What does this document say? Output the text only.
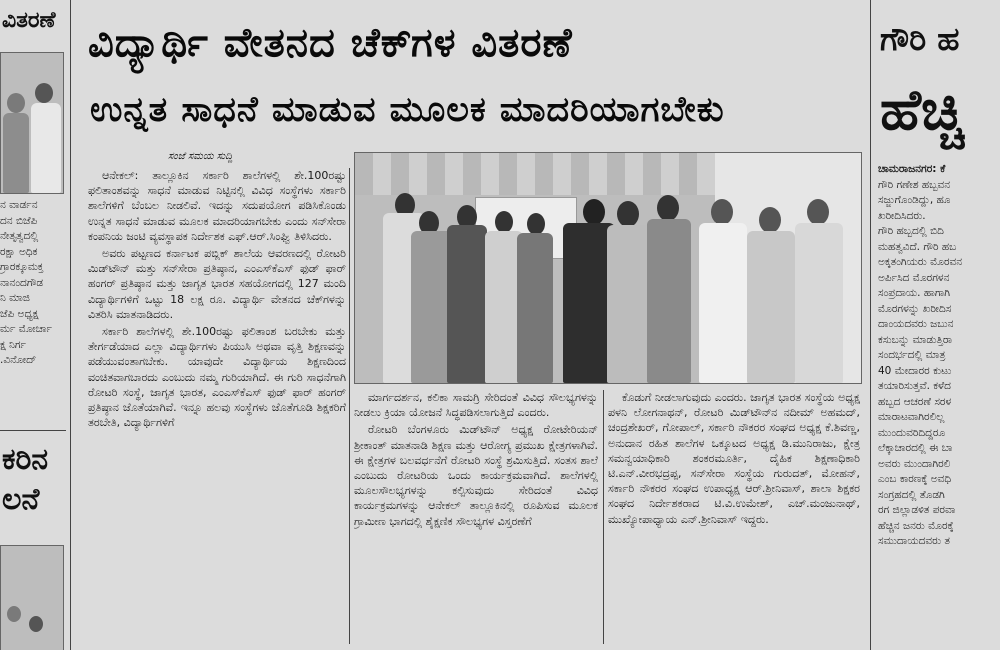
ವಿತರಣೆ
ನ ವಾರ್ಡನ
ದನ ಬಿಜೆಪಿ
ನೇತೃತ್ವದಲ್ಲಿ
ರಕ್ಷಾ ಅಧಿಕ
ಗ್ರಾರಕ್ಕೂಮಕ್ತ
ನಾನಂದಗೌಡ
ನಿ ಮಾಜಿ
ಜೆಪಿ ಅಧ್ಯಕ್ಷ
ರ್ಮ ಮೋರ್ಚಾ
ಕ್ಷ ನಿರ್ಗ
.ವಿನೋದ್
ಕರಿನ
ಲನೆ
ವಿದ್ಯಾರ್ಥಿ ವೇತನದ ಚೆಕ್‍ಗಳ ವಿತರಣೆ
ಉನ್ನತ ಸಾಧನೆ ಮಾಡುವ ಮೂಲಕ ಮಾದರಿಯಾಗಬೇಕು
ಸಂಜೆ ಸಮಯ ಸುದ್ದಿ

ಆನೇಕಲ್: ತಾಲ್ಲೂಕಿನ ಸರ್ಕಾರಿ ಶಾಲೆಗಳಲ್ಲಿ ಶೇ.100ರಷ್ಟು ಫಲಿತಾಂಶವನ್ನು ಸಾಧನೆ ಮಾಡುವ ನಿಟ್ಟಿನಲ್ಲಿ ವಿವಿಧ ಸಂಸ್ಥೆಗಳು ಸರ್ಕಾರಿ ಶಾಲೆಗಳಿಗೆ ಬೆಂಬಲ ನೀಡಲಿವೆ. ಇದನ್ನು ಸದುಪಯೋಗ ಪಡಿಸಿಕೊಂಡು ಉನ್ನತ ಸಾಧನೆ ಮಾಡುವ ಮೂಲಕ ಮಾದರಿಯಾಗಬೇಕು ಎಂದು ಸನ್‍ಸೇರಾ ಕಂಪನಿಯ ಜಂಟಿ ವ್ಯವಸ್ಥಾಪಕ ನಿರ್ದೇಶಕ ಎಫ್.ಆರ್.ಸಿಂಘ್ವಿ ತಿಳಿಸಿದರು.

ಅವರು ಪಟ್ಟಣದ ಕರ್ನಾಟಕ ಪಬ್ಲಿಕ್ ಶಾಲೆಯ ಆವರಣದಲ್ಲಿ ರೋಟರಿ ಮಿಡ್‍ಟೌನ್ ಮತ್ತು ಸನ್‍ಸೇರಾ ಪ್ರತಿಷ್ಠಾನ, ಎಂಎಸ್‍ಕೆಎಸ್ ಫುಡ್ ಫಾರ್ ಹಂಗರ್ ಪ್ರತಿಷ್ಠಾನ ಮತ್ತು ಜಾಗೃತ ಭಾರತ ಸಹಯೋಗದಲ್ಲಿ 127 ಮಂದಿ ವಿದ್ಯಾರ್ಥಿಗಳಿಗೆ ಒಟ್ಟು 18 ಲಕ್ಷ ರೂ. ವಿದ್ಯಾರ್ಥಿ ವೇತನದ ಚೆಕ್‍ಗಳನ್ನು ವಿತರಿಸಿ ಮಾತನಾಡಿದರು.

ಸರ್ಕಾರಿ ಶಾಲೆಗಳಲ್ಲಿ ಶೇ.100ರಷ್ಟು ಫಲಿತಾಂಶ ಬರಬೇಕು ಮತ್ತು ತೇರ್ಗಡೆಯಾದ ಎಲ್ಲಾ ವಿದ್ಯಾರ್ಥಿಗಳು ಪಿಯುಸಿ ಅಥವಾ ವೃತ್ತಿ ಶಿಕ್ಷಣವನ್ನು ಪಡೆಯುವಂತಾಗಬೇಕು. ಯಾವುದೇ ವಿದ್ಯಾರ್ಥಿಯ ಶಿಕ್ಷಣದಿಂದ ವಂಚಿತವಾಗಬಾರದು ಎಂಬುದು ನಮ್ಮ ಗುರಿಯಾಗಿದೆ. ಈ ಗುರಿ ಸಾಧನೆಗಾಗಿ ರೋಟರಿ ಸಂಸ್ಥೆ, ಜಾಗೃತ ಭಾರತ, ಎಂಎಸ್‍ಕೆಎಸ್ ಫುಡ್ ಫಾರ್ ಹಂಗರ್ ಪ್ರತಿಷ್ಠಾನ ಜೊತೆಯಾಗಿವೆ. ಇನ್ನೂ ಹಲವು ಸಂಸ್ಥೆಗಳು ಜೊತೆಗೂಡಿ ಶಿಕ್ಷಕರಿಗೆ ತರಬೇತಿ, ವಿದ್ಯಾರ್ಥಿಗಳಿಗೆ

ಮಾರ್ಗದರ್ಶನ, ಕಲಿಕಾ ಸಾಮಗ್ರಿ ಸೇರಿದಂತೆ ವಿವಿಧ ಸೌಲಭ್ಯಗಳನ್ನು ನೀಡಲು ಕ್ರಿಯಾ ಯೋಜನೆ ಸಿದ್ಧಪಡಿಸಲಾಗುತ್ತಿದೆ ಎಂದರು.

ರೋಟರಿ ಬೆಂಗಳೂರು ಮಿಡ್‍ಟೌನ್ ಅಧ್ಯಕ್ಷ ರೋಟೇರಿಯನ್ ಶ್ರೀಕಾಂತ್ ಮಾತನಾಡಿ ಶಿಕ್ಷಣ ಮತ್ತು ಆರೋಗ್ಯ ಪ್ರಮುಖ ಕ್ಷೇತ್ರಗಳಾಗಿವೆ. ಈ ಕ್ಷೇತ್ರಗಳ ಬಲವರ್ಧನೆಗೆ ರೋಟರಿ ಸಂಸ್ಥೆ ಶ್ರಮಿಸುತ್ತಿದೆ. ಸಂತಸ ಶಾಲೆ ಎಂಬುದು ರೋಟರಿಯ ಒಂದು ಕಾರ್ಯಕ್ರಮವಾಗಿದೆ. ಶಾಲೆಗಳಲ್ಲಿ ಮೂಲಸೌಲಭ್ಯಗಳನ್ನು ಕಲ್ಪಿಸುವುದು ಸೇರಿದಂತೆ ವಿವಿಧ ಕಾರ್ಯಕ್ರಮಗಳನ್ನು ಆನೇಕಲ್ ತಾಲ್ಲೂಕಿನಲ್ಲಿ ರೂಪಿಸುವ ಮೂಲಕ ಗ್ರಾಮೀಣ ಭಾಗದಲ್ಲಿ ಶೈಕ್ಷಣಿಕ ಸೌಲಭ್ಯಗಳ ವಿಸ್ತರಣೆಗೆ

ಕೊಡುಗೆ ನೀಡಲಾಗುವುದು ಎಂದರು. ಜಾಗೃತ ಭಾರತ ಸಂಸ್ಥೆಯ ಅಧ್ಯಕ್ಷ ಪಳನಿ ಲೋಗನಾಥನ್, ರೋಟರಿ ಮಿಡ್‍ಟೌನ್‍ನ ನದೀಮ್ ಅಹಮದ್, ಚಂದ್ರಶೇಖರ್, ಗೋಪಾಲ್, ಸರ್ಕಾರಿ ನೌಕರರ ಸಂಘದ ಅಧ್ಯಕ್ಷ ಕೆ.ಶಿವಣ್ಣ, ಅನುದಾನ ರಹಿತ ಶಾಲೆಗಳ ಒಕ್ಕೂಟದ ಅಧ್ಯಕ್ಷ ಡಿ.ಮುನಿರಾಜು, ಕ್ಷೇತ್ರ ಸಮನ್ವಯಾಧಿಕಾರಿ ಶಂಕರಮೂರ್ತಿ, ದೈಹಿಕ ಶಿಕ್ಷಣಾಧಿಕಾರಿ ಟಿ.ಎನ್.ವೀರಭದ್ರಪ್ಪ, ಸನ್‍ಸೇರಾ ಸಂಸ್ಥೆಯ ಗುರುದತ್, ಮೋಹನ್, ಸರ್ಕಾರಿ ನೌಕರರ ಸಂಘದ ಉಪಾಧ್ಯಕ್ಷ ಆರ್.ಶ್ರೀನಿವಾಸ್, ಶಾಲಾ ಶಿಕ್ಷಕರ ಸಂಘದ ನಿರ್ದೇಶಕರಾದ ಟಿ.ವಿ.ಉಮೇಶ್, ಎಚ್.ಮಂಜುನಾಥ್, ಮುಖ್ಯೋಪಾಧ್ಯಾಯ ಎನ್.ಶ್ರೀನಿವಾಸ್ ಇದ್ದರು.

ಗೌರಿ ಹ
ಹೆಚ್ಚಿ
ಚಾಮರಾಜನಗರ: ಕೆ
ಗೌರಿ ಗಣೇಶ ಹಬ್ಬವನ
ಸಜ್ಜುಗೊಂಡಿದ್ದು, ಹೂ
ಖರೀದಿಸಿದರು.
ಗೌರಿ ಹಬ್ಬದಲ್ಲಿ ಬಿದಿ
ಮಹತ್ವವಿದೆ. ಗೌರಿ ಹಬ
ಅಕ್ಕತಂಗಿಯರು ಮೊರವನ
ಅರ್ಪಿಸಿದ ಮೊರಗಳನ
ಸಂಪ್ರದಾಯ. ಹಾಗಾಗಿ
ಮೊರಗಳನ್ನು ಖರೀದಿಸ
ದಾಂಯದವರು ಜಬುನ
ಕಸುಬನ್ನು ಮಾಡುತ್ತಿರಾ
ಸಂದರ್ಭದಲ್ಲಿ ಮಾತ್ರ
40 ಮೇದಾರರ ಕುಟು
ತಯಾರಿಸುತ್ತವೆ. ಕಳೆದ
ಹಬ್ಬದ ಆಚರಣೆ ಸರಳ
ಮಾರಾಟವಾಗಿರಲಿಲ್ಲ
ಮುಂದುವರಿದಿದ್ದರೂ
ಲೆಕ್ಕಾಚಾರದಲ್ಲಿ ಈ ಬಾ
ಅವರು ಮುಂದಾಗಿರಲಿ
ಎಂಬ ಕಾರಣಕ್ಕೆ ಅವಧಿ
ಸಂಗ್ರಹದಲ್ಲಿ ತೊಡಗಿ
ರಗ ಜಿಲ್ಲಾಡಳಿತ ಪರವಾ
ಹೆಚ್ಚಿನ ಜನರು ಮೊರಕ್ಕೆ
ಸಮುದಾಯದವರು ತ
